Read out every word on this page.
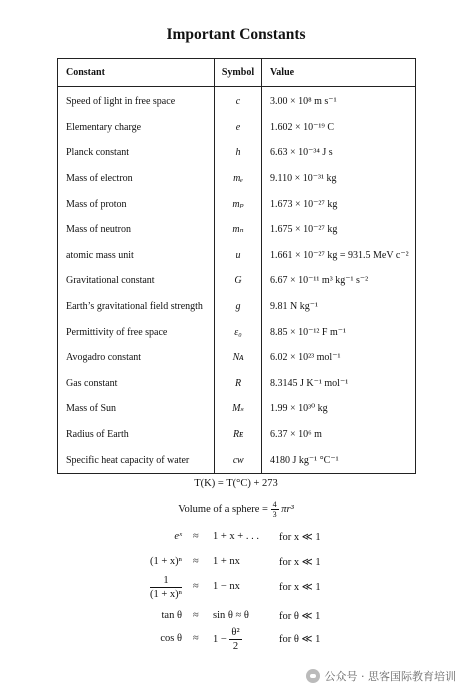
Important Constants
Constant	Symbol	Value
Speed of light in free space	c	3.00 × 10⁸ m s⁻¹
Elementary charge	e	1.602 × 10⁻¹⁹ C
Planck constant	h	6.63 × 10⁻³⁴ J s
Mass of electron	mₑ	9.110 × 10⁻³¹ kg
Mass of proton	mₚ	1.673 × 10⁻²⁷ kg
Mass of neutron	mₙ	1.675 × 10⁻²⁷ kg
atomic mass unit	u	1.661 × 10⁻²⁷ kg = 931.5 MeV c⁻²
Gravitational constant	G	6.67 × 10⁻¹¹ m³ kg⁻¹ s⁻²
Earth’s gravitational field strength	g	9.81 N kg⁻¹
Permittivity of free space	ε₀	8.85 × 10⁻¹² F m⁻¹
Avogadro constant	Nᴀ	6.02 × 10²³ mol⁻¹
Gas constant	R	8.3145 J K⁻¹ mol⁻¹
Mass of Sun	Mₛ	1.99 × 10³⁰ kg
Radius of Earth	Rᴇ	6.37 × 10⁶ m
Specific heat capacity of water	cᴡ	4180 J kg⁻¹ °C⁻¹
T(K) = T(°C) + 273
Volume of a sphere = $\frac{4}{3} \pi r^3$
eˣ ≈ 1 + x + . . . for x ≪ 1
(1 + x)ⁿ ≈ 1 + nx	for x ≪ 1
$\frac{1}{\text{(1 + x)ⁿ}} \approx 1$ − nx	for x ≪ 1
tan θ ≈ sin θ ≈ θ	for θ ≪ 1
$\cos \theta \approx 1 - \frac{\text{θ²}}{2}$	for θ ≪ 1
公众号 · 思客国际教育培训
